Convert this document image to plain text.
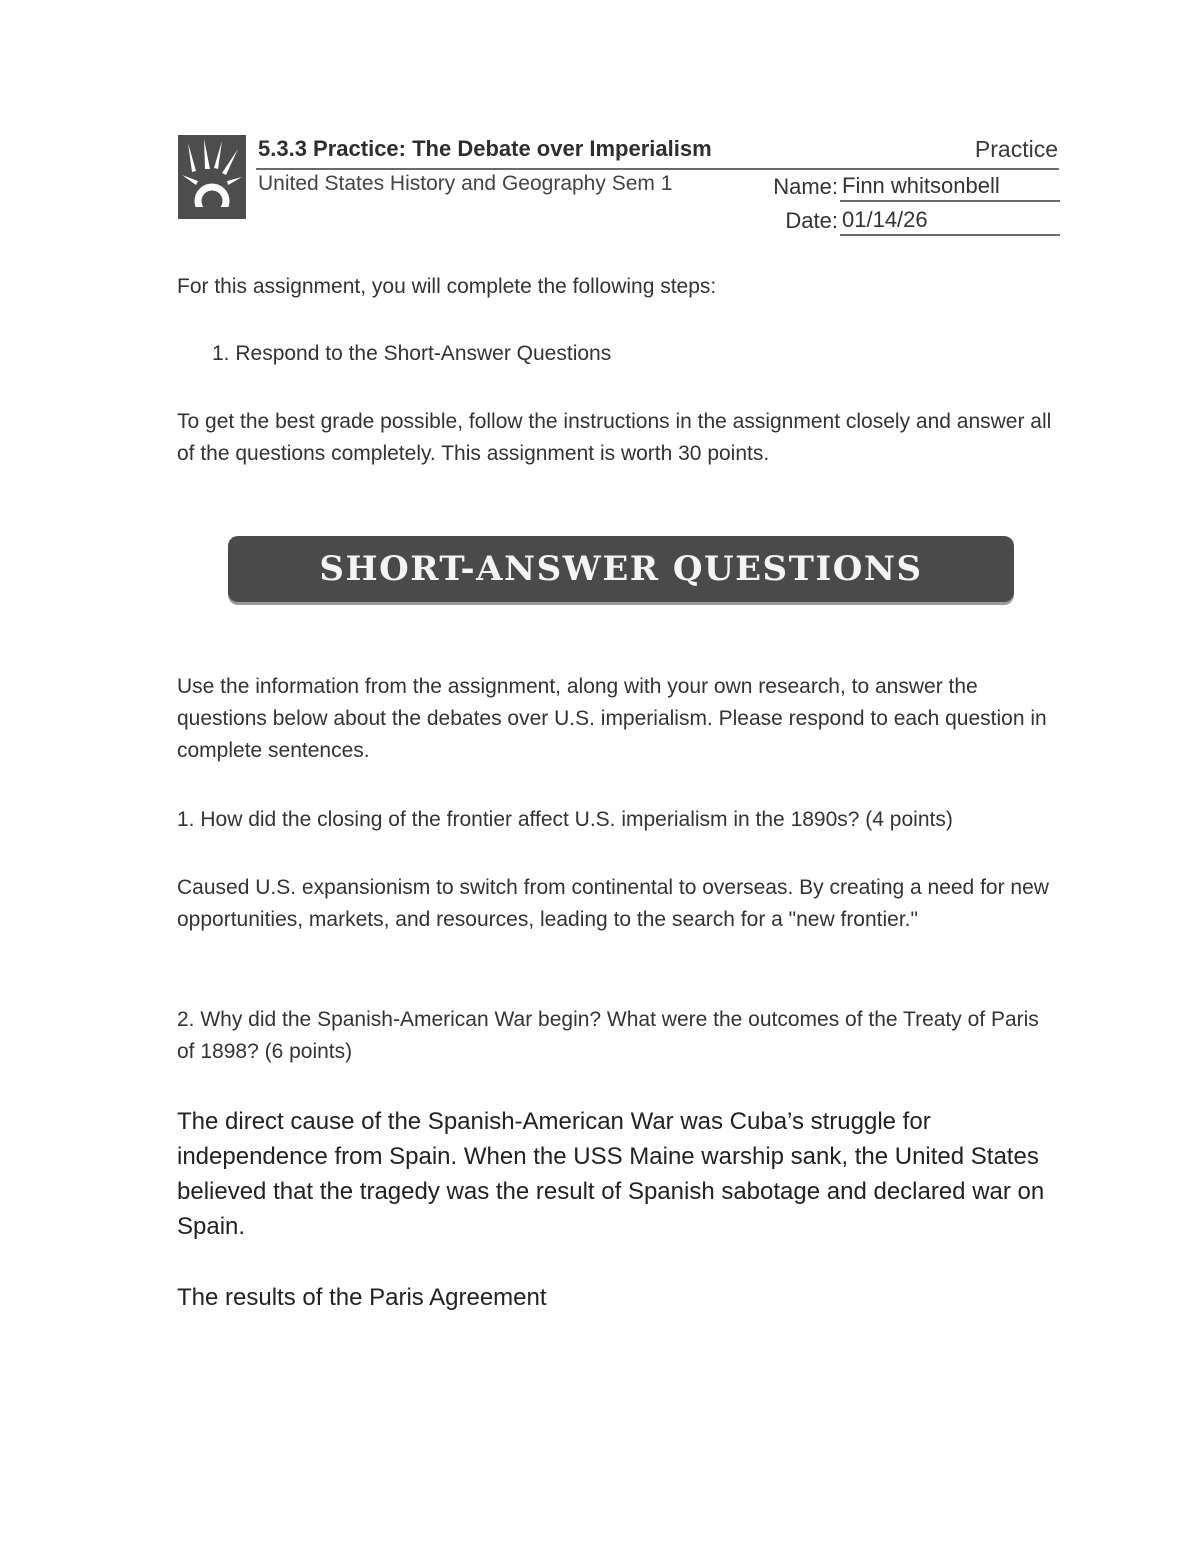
5.3.3 Practice: The Debate over Imperialism	Practice
United States History and Geography Sem 1	Name: Finn whitsonbell
Date: 01/14/26

For this assignment, you will complete the following steps:

1. Respond to the Short-Answer Questions

To get the best grade possible, follow the instructions in the assignment closely and answer all of the questions completely. This assignment is worth 30 points.

SHORT-ANSWER QUESTIONS

Use the information from the assignment, along with your own research, to answer the questions below about the debates over U.S. imperialism. Please respond to each question in complete sentences.

1. How did the closing of the frontier affect U.S. imperialism in the 1890s? (4 points)

Caused U.S. expansionism to switch from continental to overseas. By creating a need for new opportunities, markets, and resources, leading to the search for a "new frontier."

2. Why did the Spanish-American War begin? What were the outcomes of the Treaty of Paris of 1898? (6 points)

The direct cause of the Spanish-American War was Cuba’s struggle for independence from Spain. When the USS Maine warship sank, the United States believed that the tragedy was the result of Spanish sabotage and declared war on Spain.

The results of the Paris Agreement
